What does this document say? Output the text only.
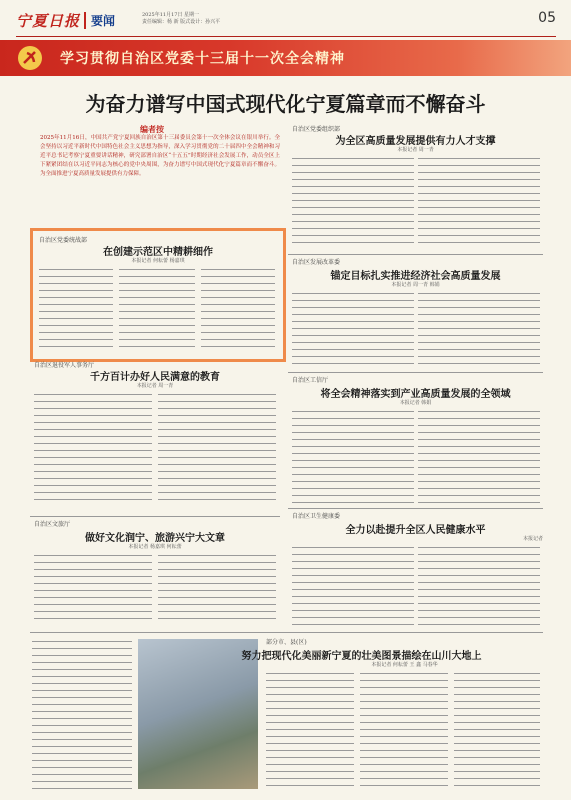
宁夏日报 要闻	2025年11月17日 星期一
责任编辑：杨 新 版式设计：孙兴平	05
学习贯彻自治区党委十三届十一次全会精神
为奋力谱写中国式现代化宁夏篇章而不懈奋斗
编者按
2025年11月16日，中国共产党宁夏回族自治区第十三届委员会第十一次全体会议在银川举行。全会坚持以习近平新时代中国特色社会主义思想为指导，深入学习贯彻党的二十届四中全会精神和习近平总书记考察宁夏重要讲话精神，研究部署自治区“十五五”时期经济社会发展工作，动员全区上下紧紧团结在以习近平同志为核心的党中央周围，为奋力谱写中国式现代化宁夏篇章而不懈奋斗。为全面推进宁夏高质量发展提供有力保障。
自治区党委统战部
在创建示范区中精耕细作
本报记者 何耘蕾 杨嘉琪
自治区退役军人事务厅
千方百计办好人民满意的教育
本报记者 周一青
自治区文旅厅
做好文化润宁、旅游兴宁大文章
本报记者 杨嘉琪 何耘蕾
自治区党委组织部
为全区高质量发展提供有力人才支撑
本报记者 周一青
自治区发展改革委
锚定目标扎实推进经济社会高质量发展
本报记者 周一青 韩娟
自治区工信厅
将全会精神落实到产业高质量发展的全领域
本报记者 韩娟
自治区卫生健康委
全力以赴提升全区人民健康水平
本报记者
部分市、县(区)
努力把现代化美丽新宁夏的壮美图景描绘在山川大地上
本报记者 何耘蕾 王 鑫 马春华
